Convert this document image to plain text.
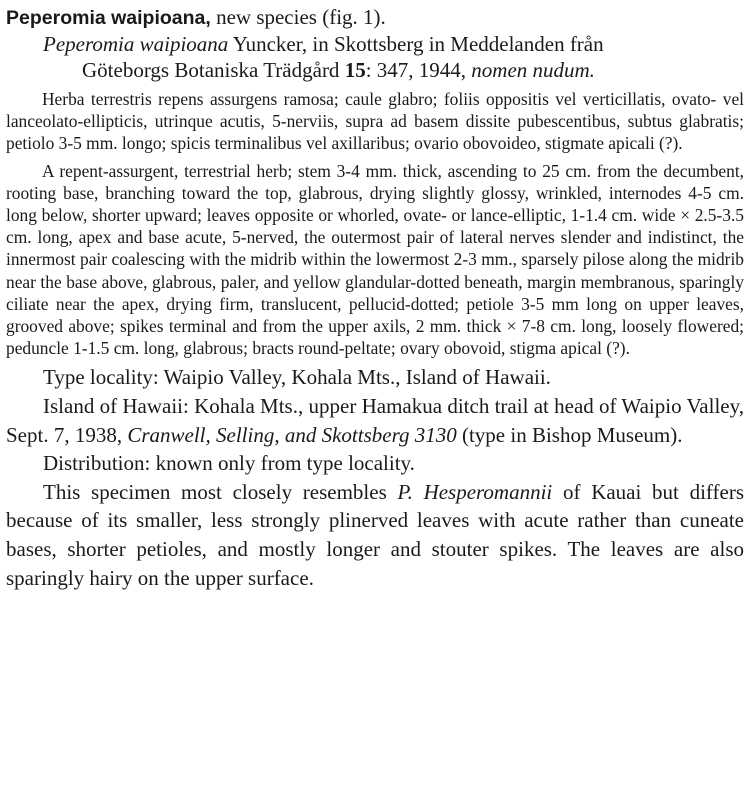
Peperomia waipioana, new species (fig. 1).

Peperomia waipioana Yuncker, in Skottsberg in Meddelanden från

Göteborgs Botaniska Trädgård 15: 347, 1944, nomen nudum.

Herba terrestris repens assurgens ramosa; caule glabro; foliis oppositis vel verticillatis, ovato- vel lanceolato-ellipticis, utrinque acutis, 5-nerviis, supra ad basem dissite pubescentibus, subtus glabratis; petiolo 3-5 mm. longo; spicis terminalibus vel axillaribus; ovario obovoideo, stigmate apicali (?).

A repent-assurgent, terrestrial herb; stem 3-4 mm. thick, ascending to 25 cm. from the decumbent, rooting base, branching toward the top, glabrous, drying slightly glossy, wrinkled, internodes 4-5 cm. long below, shorter upward; leaves opposite or whorled, ovate- or lance-elliptic, 1-1.4 cm. wide × 2.5-3.5 cm. long, apex and base acute, 5-nerved, the outermost pair of lateral nerves slender and indistinct, the innermost pair coalescing with the midrib within the lowermost 2-3 mm., sparsely pilose along the midrib near the base above, glabrous, paler, and yellow glandular-dotted beneath, margin membranous, sparingly ciliate near the apex, drying firm, translucent, pellucid-dotted; petiole 3-5 mm long on upper leaves, grooved above; spikes terminal and from the upper axils, 2 mm. thick × 7-8 cm. long, loosely flowered; peduncle 1-1.5 cm. long, glabrous; bracts round-peltate; ovary obovoid, stigma apical (?).

Type locality: Waipio Valley, Kohala Mts., Island of Hawaii.

Island of Hawaii: Kohala Mts., upper Hamakua ditch trail at head of Waipio Valley, Sept. 7, 1938, Cranwell, Selling, and Skottsberg 3130 (type in Bishop Museum).

Distribution: known only from type locality.

This specimen most closely resembles P. Hesperomannii of Kauai but differs because of its smaller, less strongly plinerved leaves with acute rather than cuneate bases, shorter petioles, and mostly longer and stouter spikes. The leaves are also sparingly hairy on the upper surface.
